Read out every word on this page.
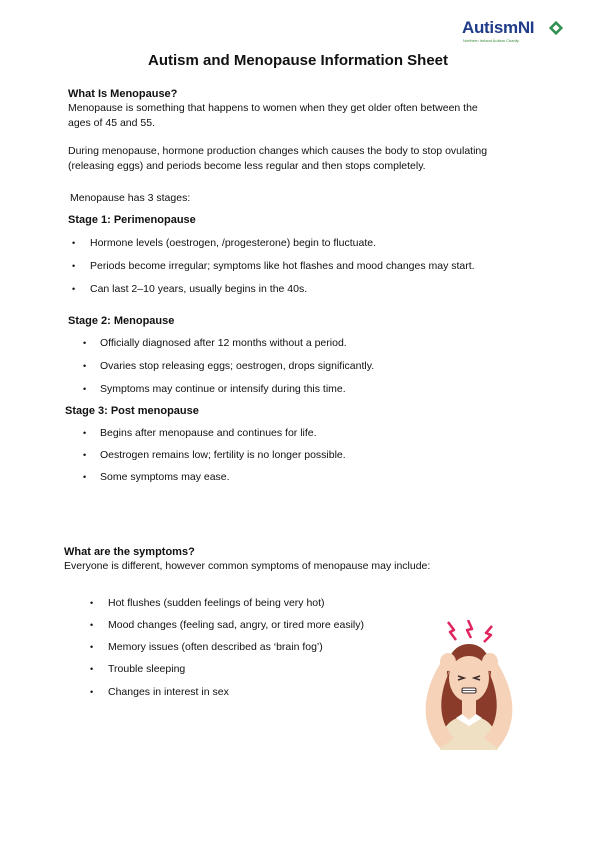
AutismNI
Northern Ireland Autism Charity
Autism and Menopause Information Sheet
What Is Menopause?
Menopause is something that happens to women when they get older often between the
ages of 45 and 55.
During menopause, hormone production changes which causes the body to stop ovulating
(releasing eggs) and periods become less regular and then stops completely.
Menopause has 3 stages:
Stage 1: Perimenopause
• Hormone levels (oestrogen, /progesterone) begin to fluctuate.
• Periods become irregular; symptoms like hot flashes and mood changes may start.
• Can last 2–10 years, usually begins in the 40s.
Stage 2: Menopause
• Officially diagnosed after 12 months without a period.
• Ovaries stop releasing eggs; oestrogen, drops significantly.
• Symptoms may continue or intensify during this time.
Stage 3: Post menopause
• Begins after menopause and continues for life.
• Oestrogen remains low; fertility is no longer possible.
• Some symptoms may ease.
What are the symptoms?
Everyone is different, however common symptoms of menopause may include:
• Hot flushes (sudden feelings of being very hot)
• Mood changes (feeling sad, angry, or tired more easily)
• Memory issues (often described as ‘brain fog’)
• Trouble sleeping
• Changes in interest in sex
